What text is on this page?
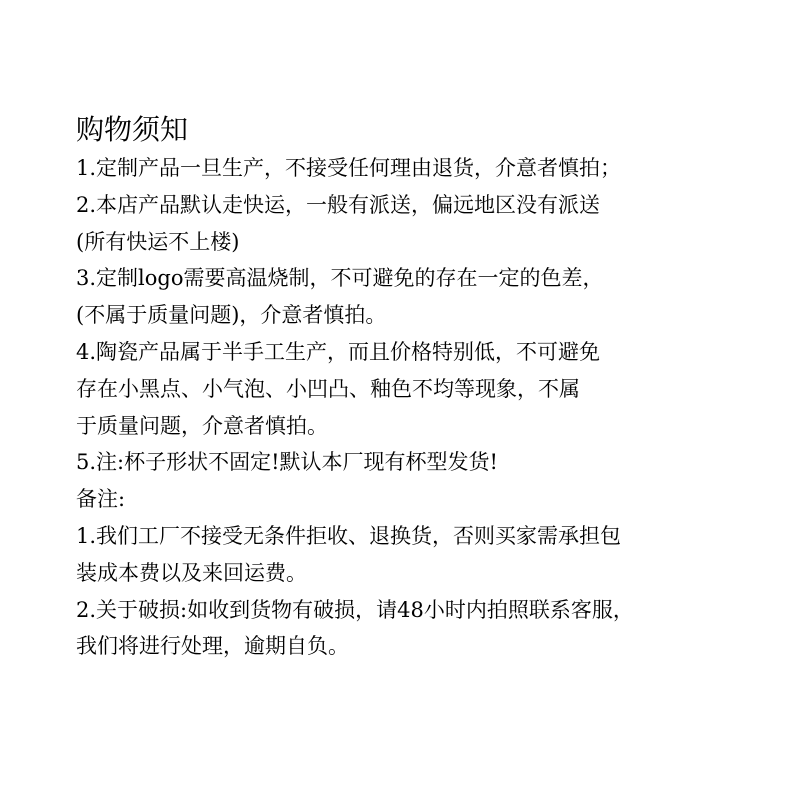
购物须知
1.定制产品一旦生产，不接受任何理由退货，介意者慎拍；
2.本店产品默认走快运，一般有派送，偏远地区没有派送
(所有快运不上楼)
3.定制logo需要高温烧制，不可避免的存在一定的色差，
(不属于质量问题)，介意者慎拍。
4.陶瓷产品属于半手工生产，而且价格特别低，不可避免
存在小黑点、小气泡、小凹凸、釉色不均等现象，不属
于质量问题，介意者慎拍。
5.注:杯子形状不固定!默认本厂现有杯型发货!
备注:
1.我们工厂不接受无条件拒收、退换货，否则买家需承担包
装成本费以及来回运费。
2.关于破损:如收到货物有破损，请48小时内拍照联系客服，
我们将进行处理，逾期自负。
